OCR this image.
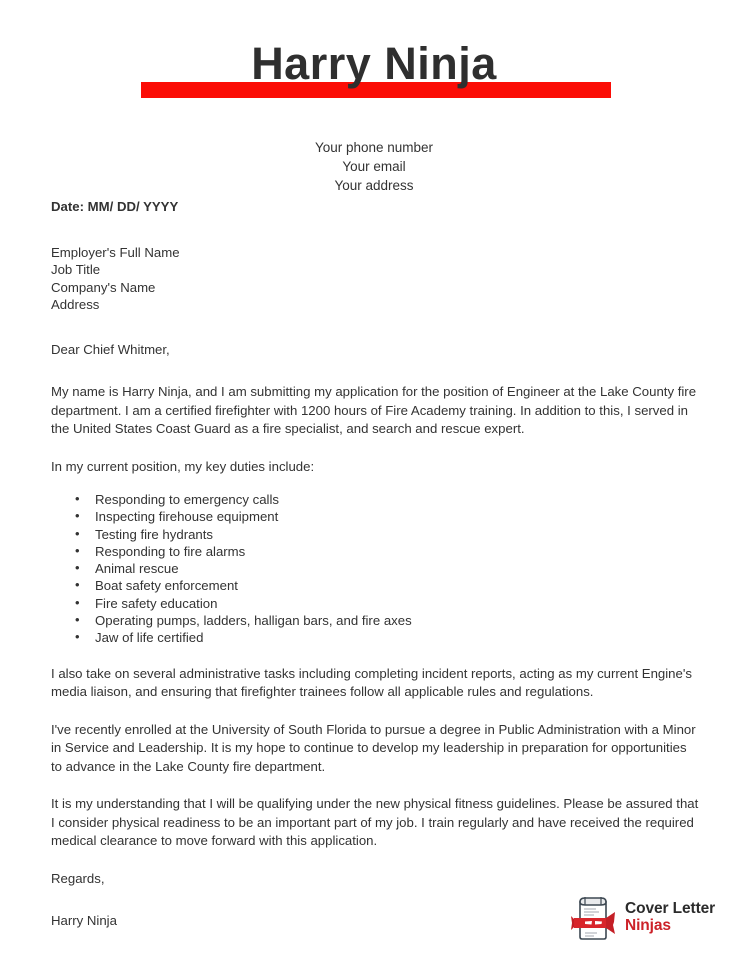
Harry Ninja
Your phone number
Your email
Your address

Date: MM/ DD/ YYYY

Employer's Full Name
Job Title
Company's Name
Address

Dear Chief Whitmer,

My name is Harry Ninja, and I am submitting my application for the position of Engineer at the Lake County fire department. I am a certified firefighter with 1200 hours of Fire Academy training. In addition to this, I served in the United States Coast Guard as a fire specialist, and search and rescue expert.

In my current position, my key duties include:

• Responding to emergency calls
• Inspecting firehouse equipment
• Testing fire hydrants
• Responding to fire alarms
• Animal rescue
• Boat safety enforcement
• Fire safety education
• Operating pumps, ladders, halligan bars, and fire axes
• Jaw of life certified

I also take on several administrative tasks including completing incident reports, acting as my current Engine's media liaison, and ensuring that firefighter trainees follow all applicable rules and regulations.

I've recently enrolled at the University of South Florida to pursue a degree in Public Administration with a Minor in Service and Leadership. It is my hope to continue to develop my leadership in preparation for opportunities to advance in the Lake County fire department.

It is my understanding that I will be qualifying under the new physical fitness guidelines. Please be assured that I consider physical readiness to be an important part of my job. I train regularly and have received the required medical clearance to move forward with this application.

Regards,

Harry Ninja

Cover Letter
Ninjas
